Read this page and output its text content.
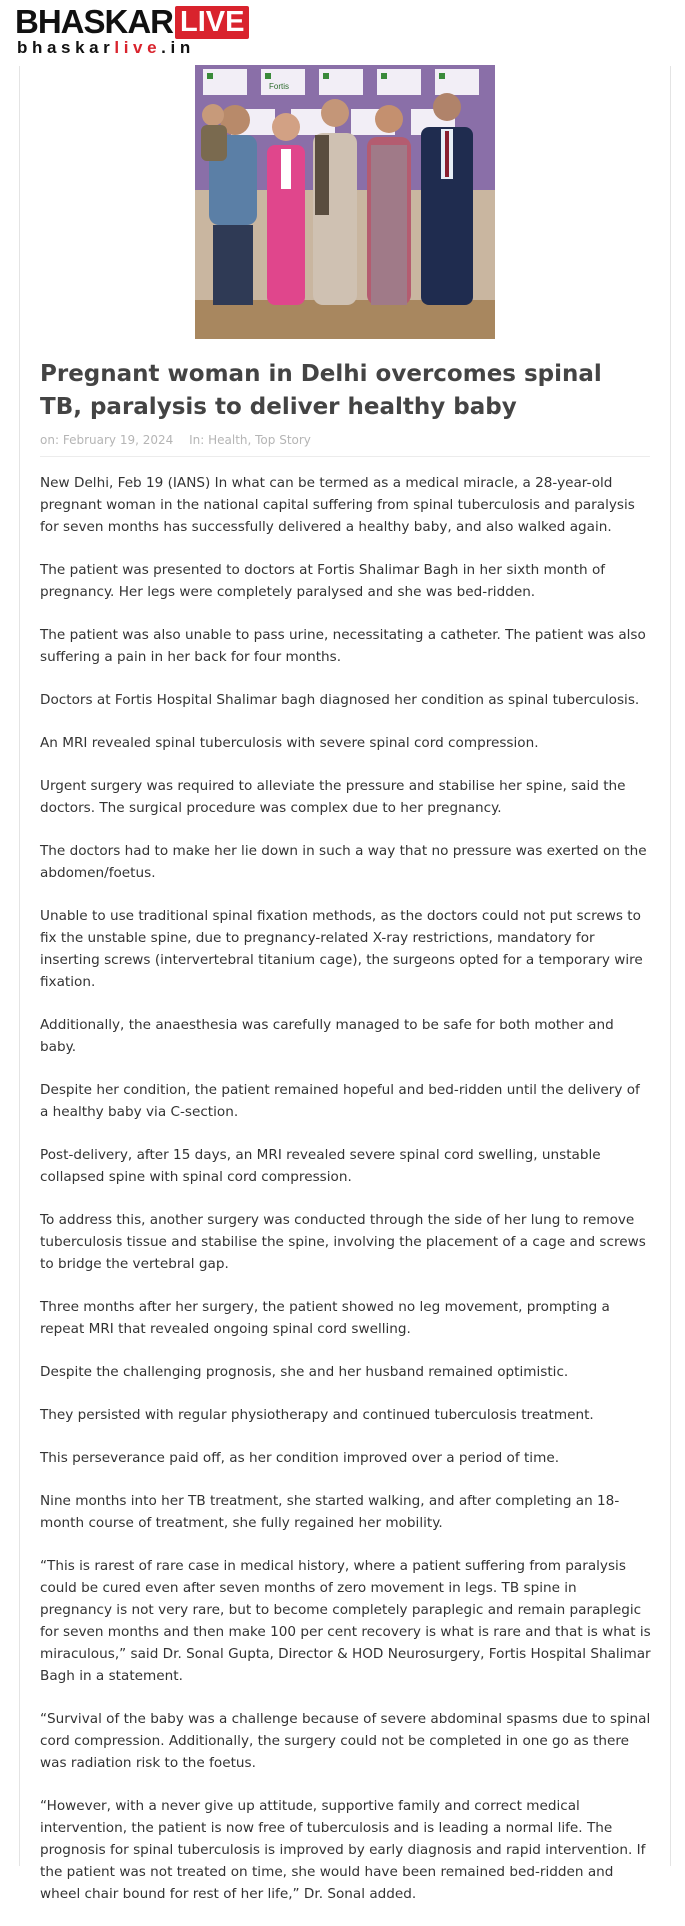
BHASKAR LIVE
bhaskarlive.in
Fortis
Pregnant woman in Delhi overcomes spinal TB, paralysis to deliver healthy baby
on: February 19, 2024 In: Health, Top Story

New Delhi, Feb 19 (IANS) In what can be termed as a medical miracle, a 28-year-old pregnant woman in the national capital suffering from spinal tuberculosis and paralysis for seven months has successfully delivered a healthy baby, and also walked again.

The patient was presented to doctors at Fortis Shalimar Bagh in her sixth month of pregnancy. Her legs were completely paralysed and she was bed-ridden.

The patient was also unable to pass urine, necessitating a catheter. The patient was also suffering a pain in her back for four months.

Doctors at Fortis Hospital Shalimar bagh diagnosed her condition as spinal tuberculosis.

An MRI revealed spinal tuberculosis with severe spinal cord compression.

Urgent surgery was required to alleviate the pressure and stabilise her spine, said the doctors. The surgical procedure was complex due to her pregnancy.

The doctors had to make her lie down in such a way that no pressure was exerted on the abdomen/foetus.

Unable to use traditional spinal fixation methods, as the doctors could not put screws to fix the unstable spine, due to pregnancy-related X-ray restrictions, mandatory for inserting screws (intervertebral titanium cage), the surgeons opted for a temporary wire fixation.

Additionally, the anaesthesia was carefully managed to be safe for both mother and baby.

Despite her condition, the patient remained hopeful and bed-ridden until the delivery of a healthy baby via C-section.

Post-delivery, after 15 days, an MRI revealed severe spinal cord swelling, unstable collapsed spine with spinal cord compression.

To address this, another surgery was conducted through the side of her lung to remove tuberculosis tissue and stabilise the spine, involving the placement of a cage and screws to bridge the vertebral gap.

Three months after her surgery, the patient showed no leg movement, prompting a repeat MRI that revealed ongoing spinal cord swelling.

Despite the challenging prognosis, she and her husband remained optimistic.

They persisted with regular physiotherapy and continued tuberculosis treatment.

This perseverance paid off, as her condition improved over a period of time.

Nine months into her TB treatment, she started walking, and after completing an 18-month course of treatment, she fully regained her mobility.

“This is rarest of rare case in medical history, where a patient suffering from paralysis could be cured even after seven months of zero movement in legs. TB spine in pregnancy is not very rare, but to become completely paraplegic and remain paraplegic for seven months and then make 100 per cent recovery is what is rare and that is what is miraculous,” said Dr. Sonal Gupta, Director & HOD Neurosurgery, Fortis Hospital Shalimar Bagh in a statement.

“Survival of the baby was a challenge because of severe abdominal spasms due to spinal cord compression. Additionally, the surgery could not be completed in one go as there was radiation risk to the foetus.

“However, with a never give up attitude, supportive family and correct medical intervention, the patient is now free of tuberculosis and is leading a normal life. The prognosis for spinal tuberculosis is improved by early diagnosis and rapid intervention. If the patient was not treated on time, she would have been remained bed-ridden and wheel chair bound for rest of her life,” Dr. Sonal added.
